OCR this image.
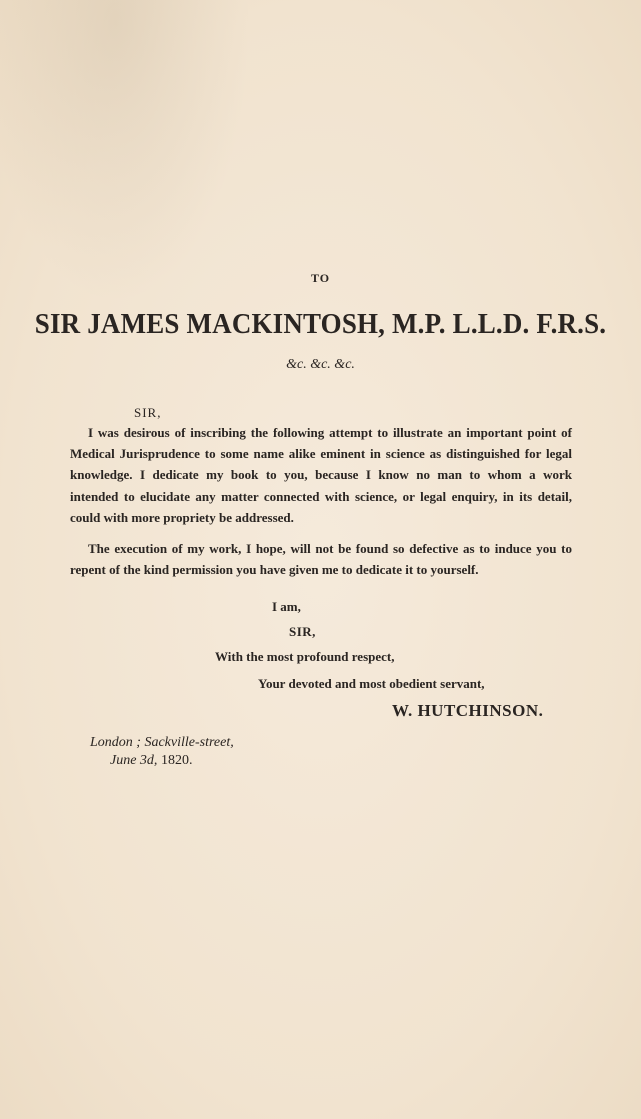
TO
SIR JAMES MACKINTOSH, M.P. L.L.D. F.R.S.
&c. &c. &c.
SIR,
I was desirous of inscribing the following attempt to illustrate an important point of
Medical Jurisprudence to some name alike eminent in science as distinguished for legal
knowledge. I dedicate my book to you, because I know no man to whom a work
intended to elucidate any matter connected with science, or legal enquiry, in its detail,
could with more propriety be addressed.
The execution of my work, I hope, will not be found so defective as to induce you to
repent of the kind permission you have given me to dedicate it to yourself.
I am,
SIR,
With the most profound respect,
Your devoted and most obedient servant,
W. HUTCHINSON.
London ; Sackville-street,
June 3d, 1820.
